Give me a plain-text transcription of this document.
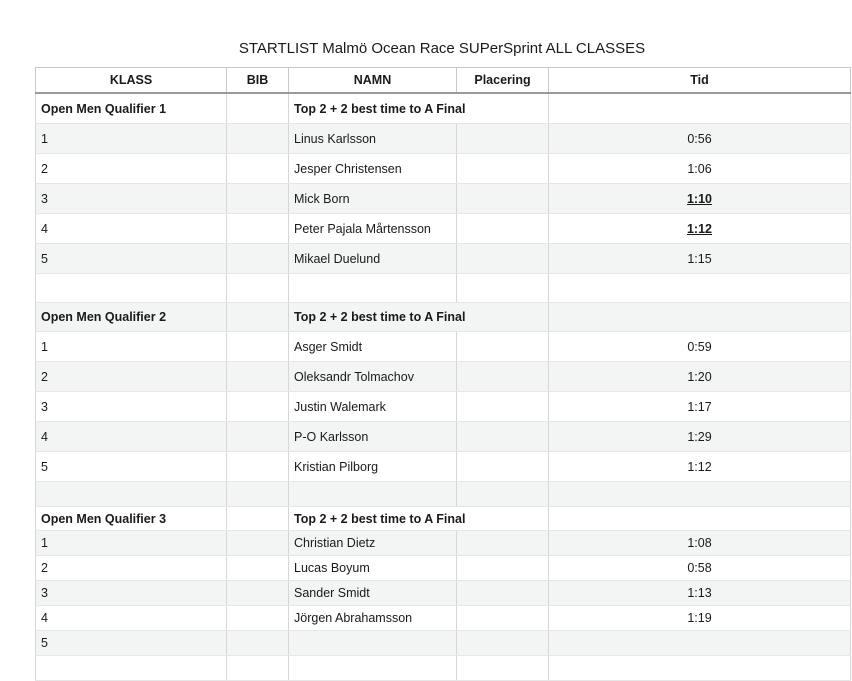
STARTLIST Malmö Ocean Race SUPerSprint ALL CLASSES
KLASS	BIB	NAMN	Placering	Tid
Open Men Qualifier 1		Top 2 + 2 best time to A Final		
1		Linus Karlsson		0:56
2		Jesper Christensen		1:06
3		Mick Born		1:10
4		Peter Pajala Mårtensson		1:12
5		Mikael Duelund		1:15

Open Men Qualifier 2		Top 2 + 2 best time to A Final		
1		Asger Smidt		0:59
2		Oleksandr Tolmachov		1:20
3		Justin Walemark		1:17
4		P-O Karlsson		1:29
5		Kristian Pilborg		1:12

Open Men Qualifier 3		Top 2 + 2 best time to A Final		
1		Christian Dietz		1:08
2		Lucas Boyum		0:58
3		Sander Smidt		1:13
4		Jörgen Abrahamsson		1:19
5				
